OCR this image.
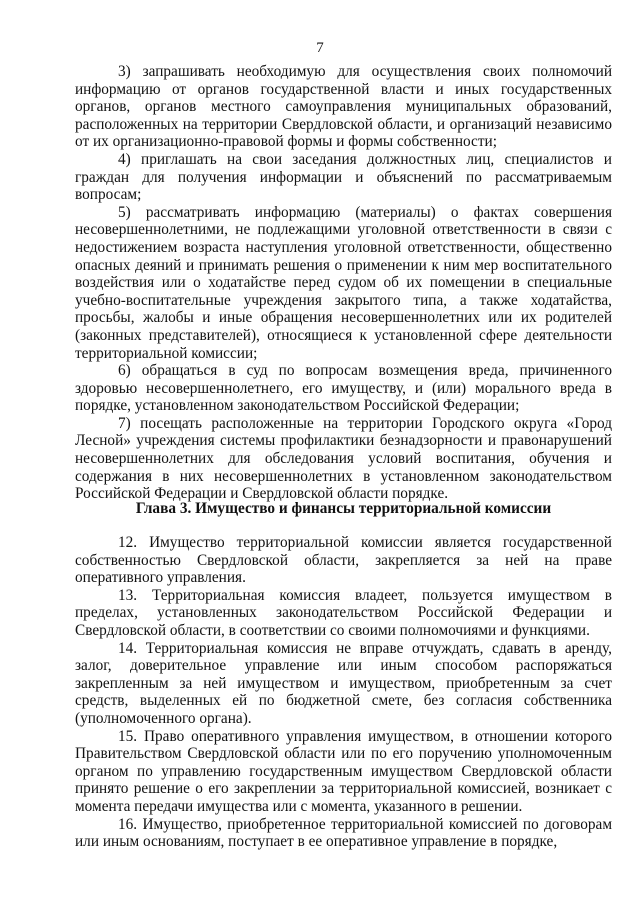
7

3) запрашивать необходимую для осуществления своих полномочий информацию от органов государственной власти и иных государственных органов, органов местного самоуправления муниципальных образований, расположенных на территории Свердловской области, и организаций независимо от их организационно-правовой формы и формы собственности;

4) приглашать на свои заседания должностных лиц, специалистов и граждан для получения информации и объяснений по рассматриваемым вопросам;

5) рассматривать информацию (материалы) о фактах совершения несовершеннолетними, не подлежащими уголовной ответственности в связи с недостижением возраста наступления уголовной ответственности, общественно опасных деяний и принимать решения о применении к ним мер воспитательного воздействия или о ходатайстве перед судом об их помещении в специальные учебно-воспитательные учреждения закрытого типа, а также ходатайства, просьбы, жалобы и иные обращения несовершеннолетних или их родителей (законных представителей), относящиеся к установленной сфере деятельности территориальной комиссии;

6) обращаться в суд по вопросам возмещения вреда, причиненного здоровью несовершеннолетнего, его имуществу, и (или) морального вреда в порядке, установленном законодательством Российской Федерации;

7) посещать расположенные на территории Городского округа «Город Лесной» учреждения системы профилактики безнадзорности и правонарушений несовершеннолетних для обследования условий воспитания, обучения и содержания в них несовершеннолетних в установленном законодательством Российской Федерации и Свердловской области порядке.

Глава 3. Имущество и финансы территориальной комиссии

12. Имущество территориальной комиссии является государственной собственностью Свердловской области, закрепляется за ней на праве оперативного управления.

13. Территориальная комиссия владеет, пользуется имуществом в пределах, установленных законодательством Российской Федерации и Свердловской области, в соответствии со своими полномочиями и функциями.

14. Территориальная комиссия не вправе отчуждать, сдавать в аренду, залог, доверительное управление или иным способом распоряжаться закрепленным за ней имуществом и имуществом, приобретенным за счет средств, выделенных ей по бюджетной смете, без согласия собственника (уполномоченного органа).

15. Право оперативного управления имуществом, в отношении которого Правительством Свердловской области или по его поручению уполномоченным органом по управлению государственным имуществом Свердловской области принято решение о его закреплении за территориальной комиссией, возникает с момента передачи имущества или с момента, указанного в решении.

16. Имущество, приобретенное территориальной комиссией по договорам или иным основаниям, поступает в ее оперативное управление в порядке,
